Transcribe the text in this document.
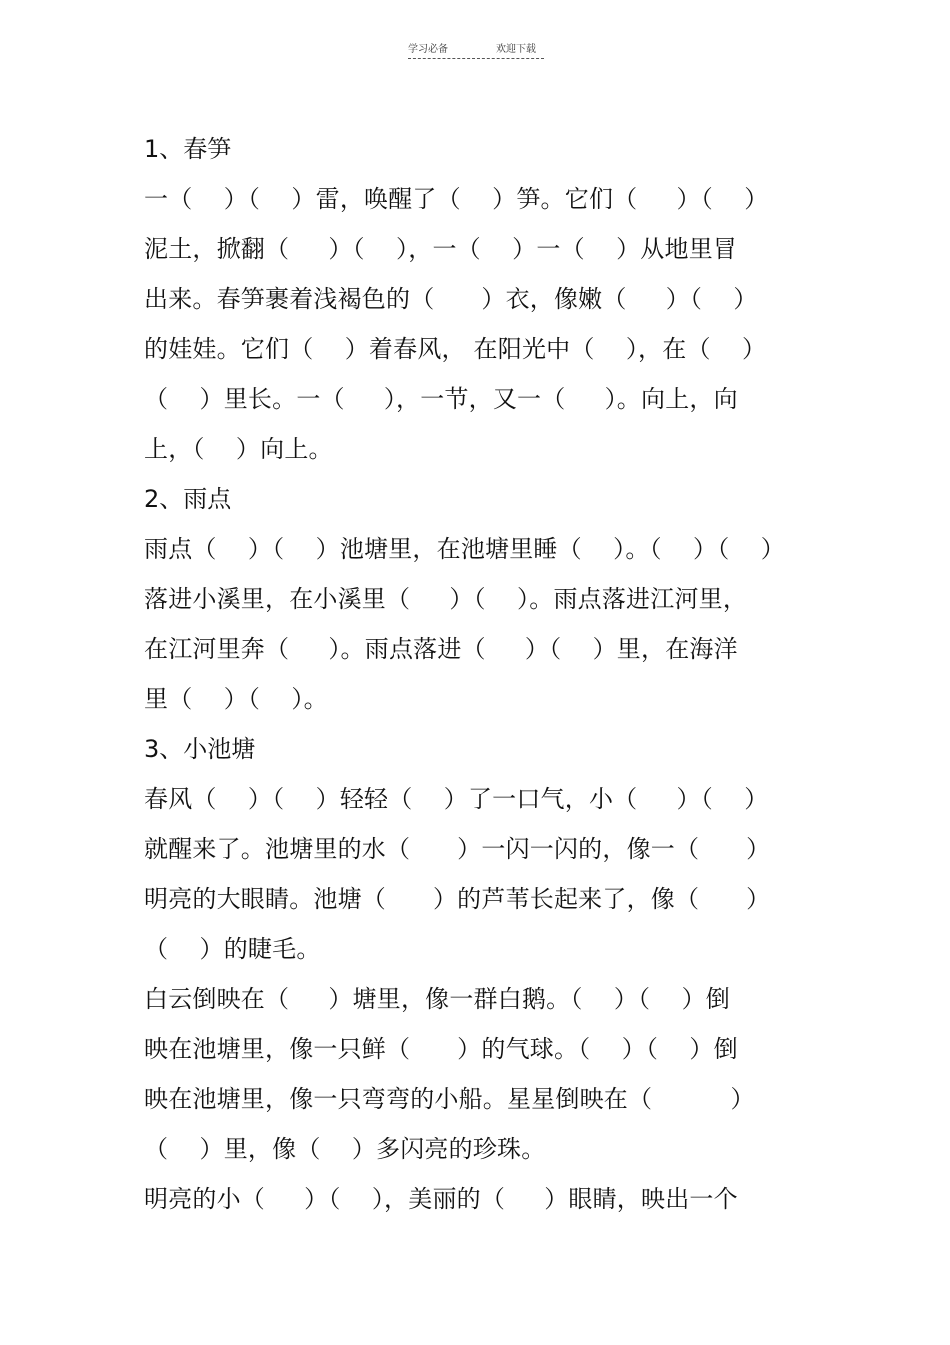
学习必备	欢迎下载
1、春笋
一（    ）（    ）雷，唤醒了（    ）笋。它们（     ）（    ）
泥土，掀翻（     ）（    ），一（    ）一（    ）从地里冒
出来。春笋裹着浅褐色的（      ）衣，像嫩（     ）（    ）
的娃娃。它们（    ）着春风， 在阳光中（    ），在（    ）
（    ）里长。一（     ），一节，又一（     ）。向上，向
上，（    ）向上。
2、雨点
雨点（    ）（    ）池塘里，在池塘里睡（    ）。（    ）（    ）
落进小溪里，在小溪里（     ）（    ）。雨点落进江河里，
在江河里奔（     ）。雨点落进（     ）（    ）里，在海洋
里（    ）（    ）。
3、小池塘
春风（    ）（    ）轻轻（    ）了一口气，小（     ）（    ）
就醒来了。池塘里的水（      ）一闪一闪的，像一（      ）
明亮的大眼睛。池塘（      ）的芦苇长起来了，像（      ）
（    ）的睫毛。
白云倒映在（     ）塘里，像一群白鹅。（    ）（    ）倒
映在池塘里，像一只鲜（      ）的气球。（    ）（    ）倒
映在池塘里，像一只弯弯的小船。星星倒映在（          ）
（    ）里，像（    ）多闪亮的珍珠。
明亮的小（     ）（    ），美丽的（     ）眼睛，映出一个
